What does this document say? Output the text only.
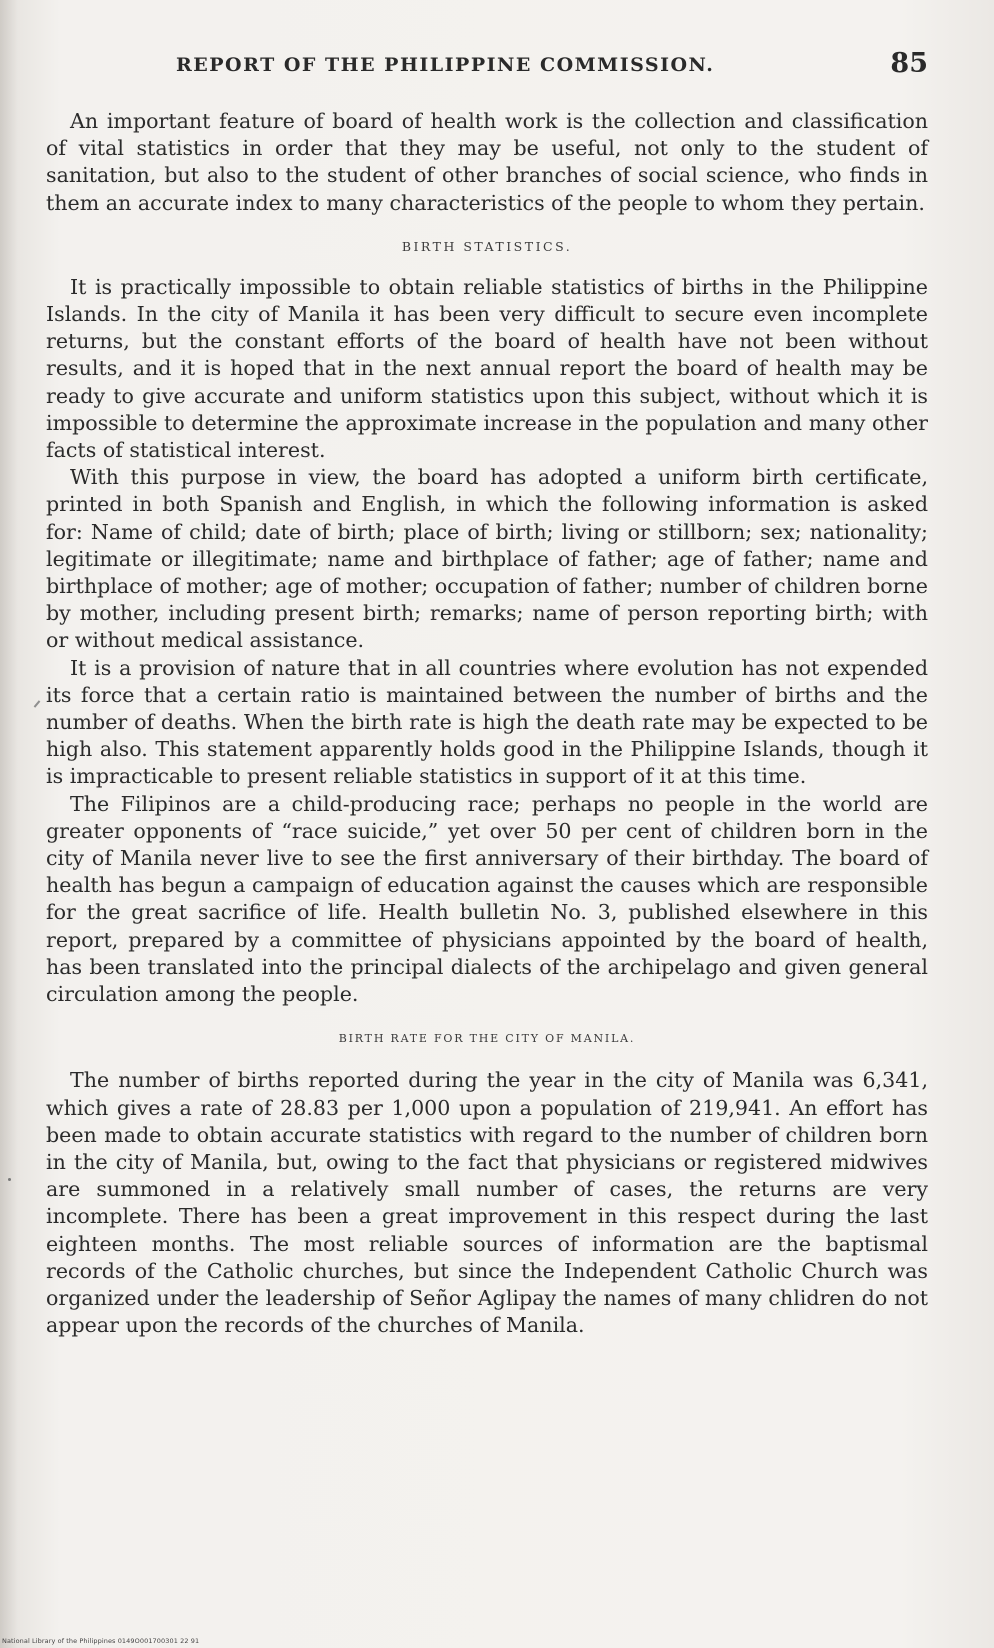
REPORT OF THE PHILIPPINE COMMISSION.	85

An important feature of board of health work is the collection and classification of vital statistics in order that they may be useful, not only to the student of sanitation, but also to the student of other branches of social science, who finds in them an accurate index to many characteristics of the people to whom they pertain.

BIRTH STATISTICS.

It is practically impossible to obtain reliable statistics of births in the Philippine Islands. In the city of Manila it has been very difficult to secure even incomplete returns, but the constant efforts of the board of health have not been without results, and it is hoped that in the next annual report the board of health may be ready to give accurate and uniform statistics upon this subject, without which it is impossible to determine the approximate increase in the population and many other facts of statistical interest.

With this purpose in view, the board has adopted a uniform birth certificate, printed in both Spanish and English, in which the following information is asked for: Name of child; date of birth; place of birth; living or stillborn; sex; nationality; legitimate or illegitimate; name and birthplace of father; age of father; name and birthplace of mother; age of mother; occupation of father; number of children borne by mother, including present birth; remarks; name of person reporting birth; with or without medical assistance.

It is a provision of nature that in all countries where evolution has not expended its force that a certain ratio is maintained between the number of births and the number of deaths. When the birth rate is high the death rate may be expected to be high also. This statement apparently holds good in the Philippine Islands, though it is impracticable to present reliable statistics in support of it at this time.

The Filipinos are a child-producing race; perhaps no people in the world are greater opponents of “race suicide,” yet over 50 per cent of children born in the city of Manila never live to see the first anniversary of their birthday. The board of health has begun a campaign of education against the causes which are responsible for the great sacrifice of life. Health bulletin No. 3, published elsewhere in this report, prepared by a committee of physicians appointed by the board of health, has been translated into the principal dialects of the archipelago and given general circulation among the people.

BIRTH RATE FOR THE CITY OF MANILA.

The number of births reported during the year in the city of Manila was 6,341, which gives a rate of 28.83 per 1,000 upon a population of 219,941. An effort has been made to obtain accurate statistics with regard to the number of children born in the city of Manila, but, owing to the fact that physicians or registered midwives are summoned in a relatively small number of cases, the returns are very incomplete. There has been a great improvement in this respect during the last eighteen months. The most reliable sources of information are the baptismal records of the Catholic churches, but since the Independent Catholic Church was organized under the leadership of Señor Aglipay the names of many chlidren do not appear upon the records of the churches of Manila.

National Library of the Philippines 0149O001700301 22 91
